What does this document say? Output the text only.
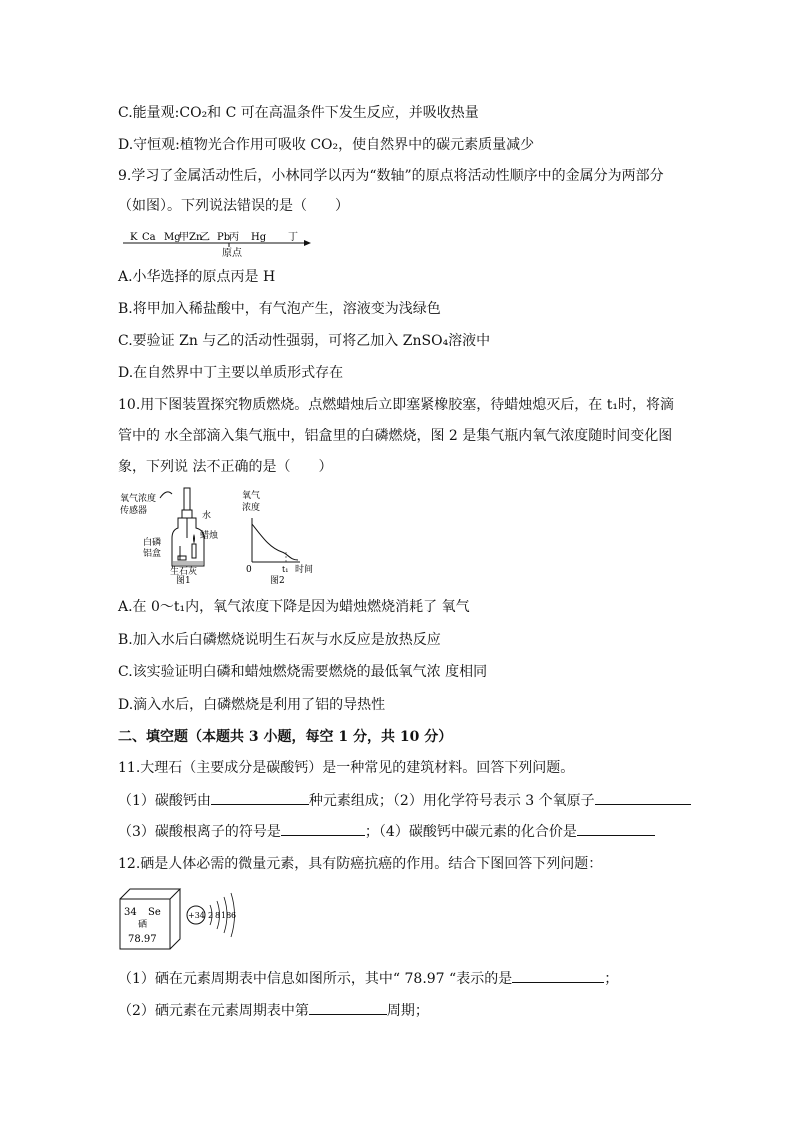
C.能量观:CO₂和 C 可在高温条件下发生反应，并吸收热量
D.守恒观:植物光合作用可吸收 CO₂，使自然界中的碳元素质量减少
9.学习了金属活动性后，小林同学以丙为“数轴”的原点将活动性顺序中的金属分为两部分
（如图）。下列说法错误的是（　　）
K Ca Mg
甲 Zn
乙 Pb
丙 Hg 丁
原点
A.小华选择的原点丙是 H
B.将甲加入稀盐酸中，有气泡产生，溶液变为浅绿色
C.要验证 Zn 与乙的活动性强弱，可将乙加入 ZnSO₄溶液中
D.在自然界中丁主要以单质形式存在
10.用下图装置探究物质燃烧。点燃蜡烛后立即塞紧橡胶塞，待蜡烛熄灭后，在 t₁时，将滴
管中的 水全部滴入集气瓶中，铝盒里的白磷燃烧，图 2 是集气瓶内氧气浓度随时间变化图
象，下列说 法不正确的是（　　）
氧气浓度
传感器	水
蜡烛
白磷
铝盒
生石灰
图1
氧气
浓度
0	t₁ 时间
图2
A.在 0～t₁内，氧气浓度下降是因为蜡烛燃烧消耗了 氧气
B.加入水后白磷燃烧说明生石灰与水反应是放热反应
C.该实验证明白磷和蜡烛燃烧需要燃烧的最低氧气浓 度相同
D.滴入水后，白磷燃烧是利用了铝的导热性
二、填空题（本题共 3 小题，每空 1 分，共 10 分）
11.大理石（主要成分是碳酸钙）是一种常见的建筑材料。回答下列问题。
（1）碳酸钙由	种元素组成；（2）用化学符号表示 3 个氧原子
（3）碳酸根离子的符号是	；（4）碳酸钙中碳元素的化合价是
12.硒是人体必需的微量元素，具有防癌抗癌的作用。结合下图回答下列问题：
34 Se
硒
78.97
+34 2 8 18 6
（1）硒在元素周期表中信息如图所示，其中“ 78.97 “表示的是	；
（2）硒元素在元素周期表中第	周期；
